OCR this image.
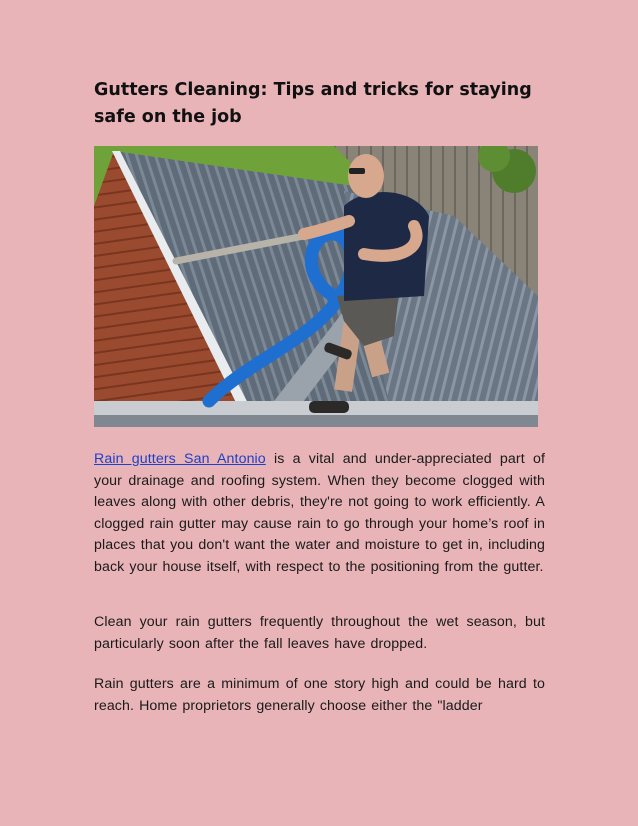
Gutters Cleaning: Tips and tricks for staying safe on the job
Rain gutters San Antonio is a vital and under-appreciated part of your drainage and roofing system. When they become clogged with leaves along with other debris, they're not going to work efficiently. A clogged rain gutter may cause rain to go through your home’s roof in places that you don't want the water and moisture to get in, including back your house itself, with respect to the positioning from the gutter.
Clean your rain gutters frequently throughout the wet season, but particularly soon after the fall leaves have dropped.
Rain gutters are a minimum of one story high and could be hard to reach. Home proprietors generally choose either the "ladder
